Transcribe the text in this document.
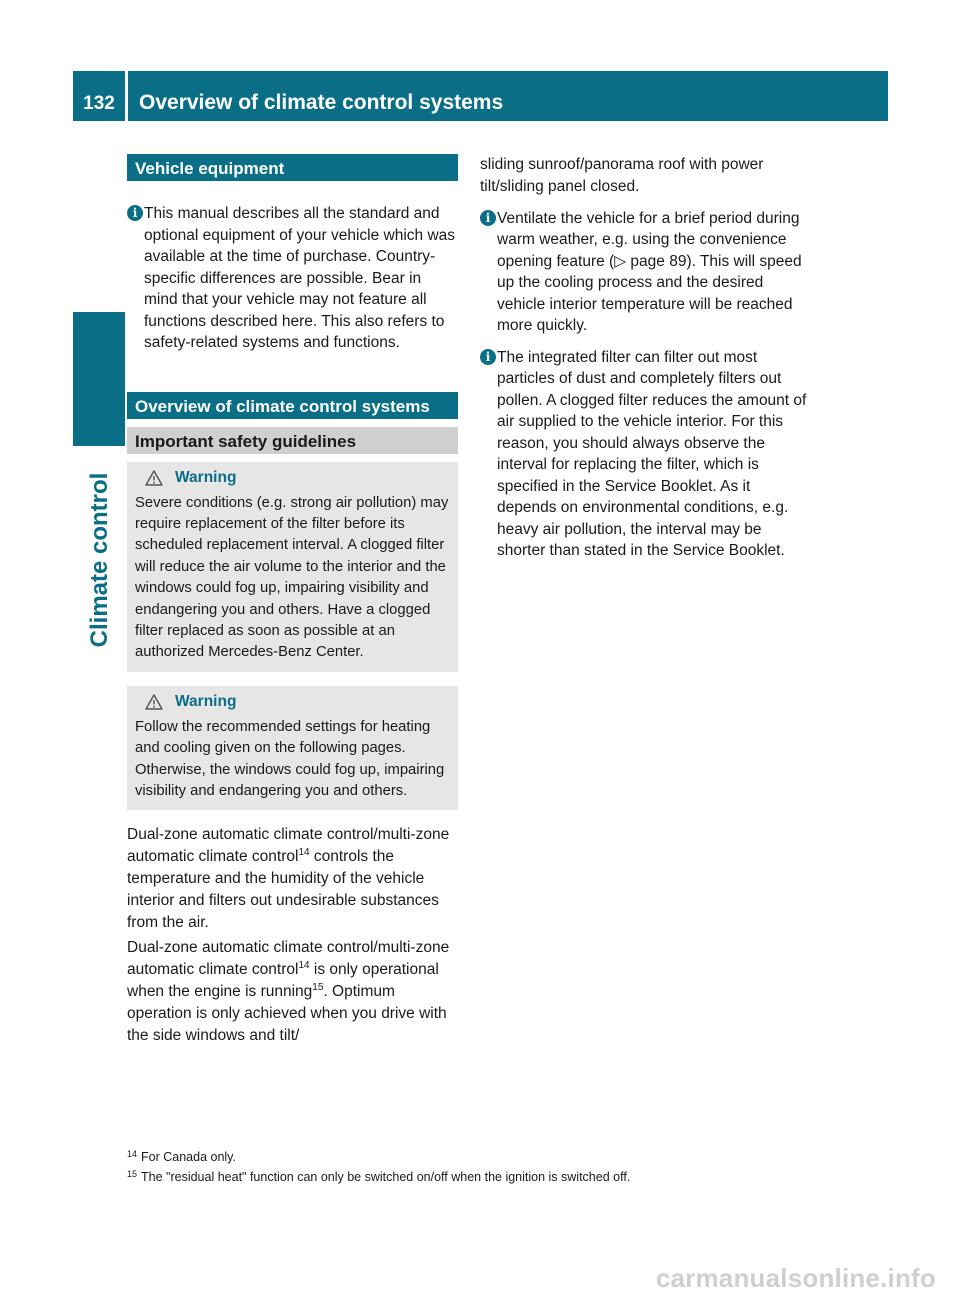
132	Overview of climate control systems
Climate control
Vehicle equipment
i This manual describes all the standard and optional equipment of your vehicle which was available at the time of purchase. Country-specific differences are possible. Bear in mind that your vehicle may not feature all functions described here. This also refers to safety-related systems and functions.
Overview of climate control systems
Important safety guidelines
Warning
Severe conditions (e.g. strong air pollution) may require replacement of the filter before its scheduled replacement interval. A clogged filter will reduce the air volume to the interior and the windows could fog up, impairing visibility and endangering you and others. Have a clogged filter replaced as soon as possible at an authorized Mercedes-Benz Center.
Warning
Follow the recommended settings for heating and cooling given on the following pages. Otherwise, the windows could fog up, impairing visibility and endangering you and others.
Dual-zone automatic climate control/multi-zone automatic climate control$^{14}$ controls the temperature and the humidity of the vehicle interior and filters out undesirable substances from the air.
Dual-zone automatic climate control/multi-zone automatic climate control$^{14}$ is only operational when the engine is running$^{15}$. Optimum operation is only achieved when you drive with the side windows and tilt/
sliding sunroof/panorama roof with power tilt/sliding panel closed.
i Ventilate the vehicle for a brief period during warm weather, e.g. using the convenience opening feature (▷ page 89). This will speed up the cooling process and the desired vehicle interior temperature will be reached more quickly.
i The integrated filter can filter out most particles of dust and completely filters out pollen. A clogged filter reduces the amount of air supplied to the vehicle interior. For this reason, you should always observe the interval for replacing the filter, which is specified in the Service Booklet. As it depends on environmental conditions, e.g. heavy air pollution, the interval may be shorter than stated in the Service Booklet.
$^{14}$ For Canada only.
$^{15}$ The "residual heat" function can only be switched on/off when the ignition is switched off.
carmanualsonline.info
